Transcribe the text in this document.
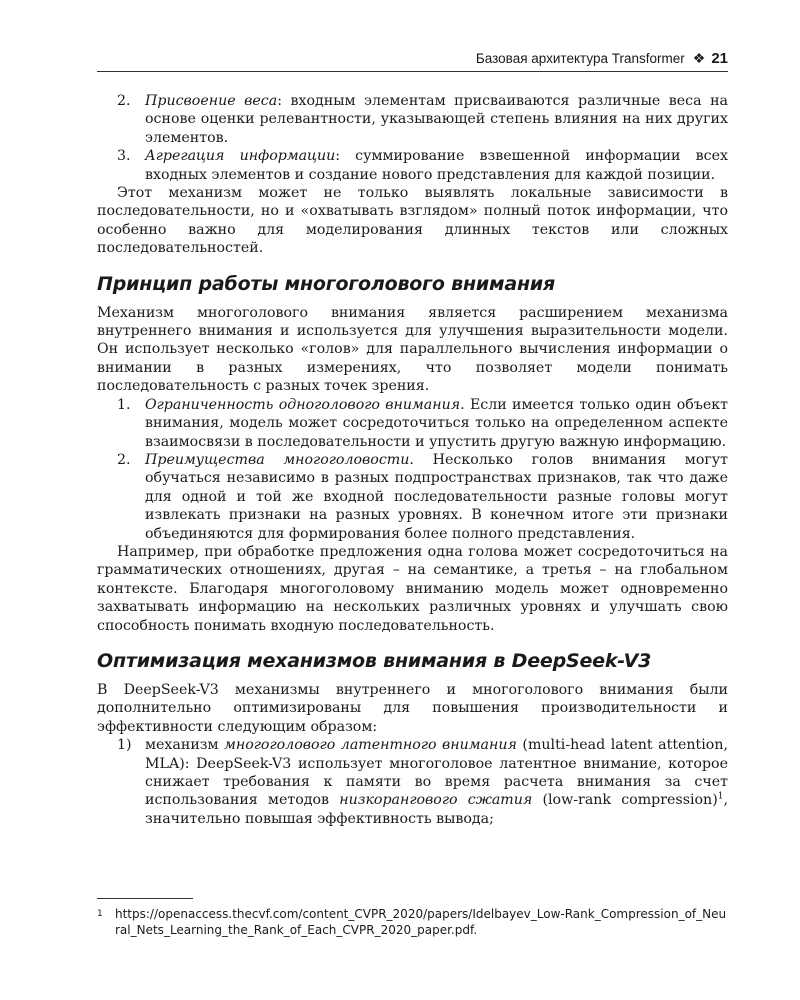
Базовая архитектура Transformer ❖ 21
2.	Присвоение веса: входным элементам присваиваются различные веса на основе оценки релевантности, указывающей степень влияния на них других элементов.
3.	Агрегация информации: суммирование взвешенной информации всех входных элементов и создание нового представления для каждой позиции.

Этот механизм может не только выявлять локальные зависимости в последовательности, но и «охватывать взглядом» полный поток информации, что особенно важно для моделирования длинных текстов или сложных последовательностей.

Принцип работы многоголового внимания

Механизм многоголового внимания является расширением механизма внутреннего внимания и используется для улучшения выразительности модели. Он использует несколько «голов» для параллельного вычисления информации о внимании в разных измерениях, что позволяет модели понимать последовательность с разных точек зрения.

1.	Ограниченность одноголового внимания. Если имеется только один объект внимания, модель может сосредоточиться только на определенном аспекте взаимосвязи в последовательности и упустить другую важную информацию.
2.	Преимущества многоголовости. Несколько голов внимания могут обучаться независимо в разных подпространствах признаков, так что даже для одной и той же входной последовательности разные головы могут извлекать признаки на разных уровнях. В конечном итоге эти признаки объединяются для формирования более полного представления.

Например, при обработке предложения одна голова может сосредоточиться на грамматических отношениях, другая – на семантике, а третья – на глобальном контексте. Благодаря многоголовому вниманию модель может одновременно захватывать информацию на нескольких различных уровнях и улучшать свою способность понимать входную последовательность.

Оптимизация механизмов внимания в DeepSeek-V3

В DeepSeek-V3 механизмы внутреннего и многоголового внимания были дополнительно оптимизированы для повышения производительности и эффективности следующим образом:

1) механизм многоголового латентного внимания (multi-head latent attention, MLA): DeepSeek-V3 использует многоголовое латентное внимание, которое снижает требования к памяти во время расчета внимания за счет использования методов низкорангового сжатия (low-rank compression)$^1$, значительно повышая эффективность вывода;
1	https://openaccess.thecvf.com/content_CVPR_2020/papers/Idelbayev_Low-Rank_Compression_of_Neural_Nets_Learning_the_Rank_of_Each_CVPR_2020_paper.pdf.
